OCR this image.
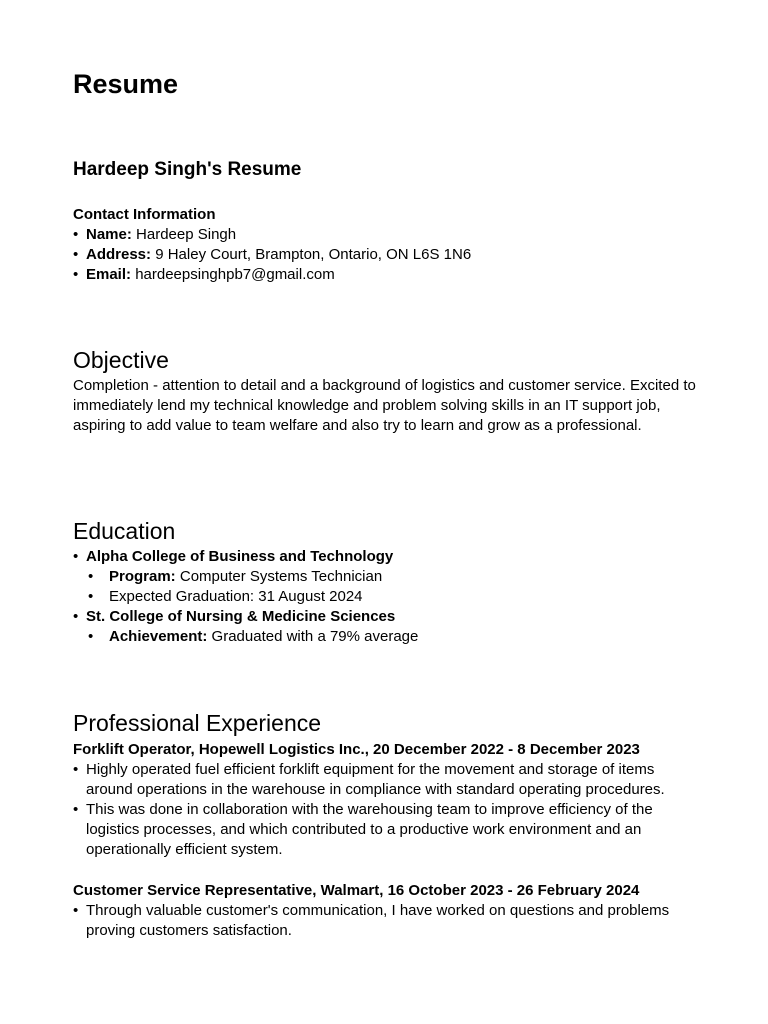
Resume
Hardeep Singh's Resume
Contact Information
• Name: Hardeep Singh
• Address: 9 Haley Court, Brampton, Ontario, ON L6S 1N6
• Email: hardeepsinghpb7@gmail.com
Objective

Completion - attention to detail and a background of logistics and customer service. Excited to immediately lend my technical knowledge and problem solving skills in an IT support job, aspiring to add value to team welfare and also try to learn and grow as a professional.

Education
• Alpha College of Business and Technology
• Program: Computer Systems Technician
• Expected Graduation: 31 August 2024
• St. College of Nursing & Medicine Sciences
• Achievement: Graduated with a 79% average
Professional Experience
Forklift Operator, Hopewell Logistics Inc., 20 December 2022 - 8 December 2023
• Highly operated fuel efficient forklift equipment for the movement and storage of items around operations in the warehouse in compliance with standard operating procedures.
• This was done in collaboration with the warehousing team to improve efficiency of the logistics processes, and which contributed to a productive work environment and an operationally efficient system.
Customer Service Representative, Walmart, 16 October 2023 - 26 February 2024
• Through valuable customer's communication, I have worked on questions and problems proving customers satisfaction.
